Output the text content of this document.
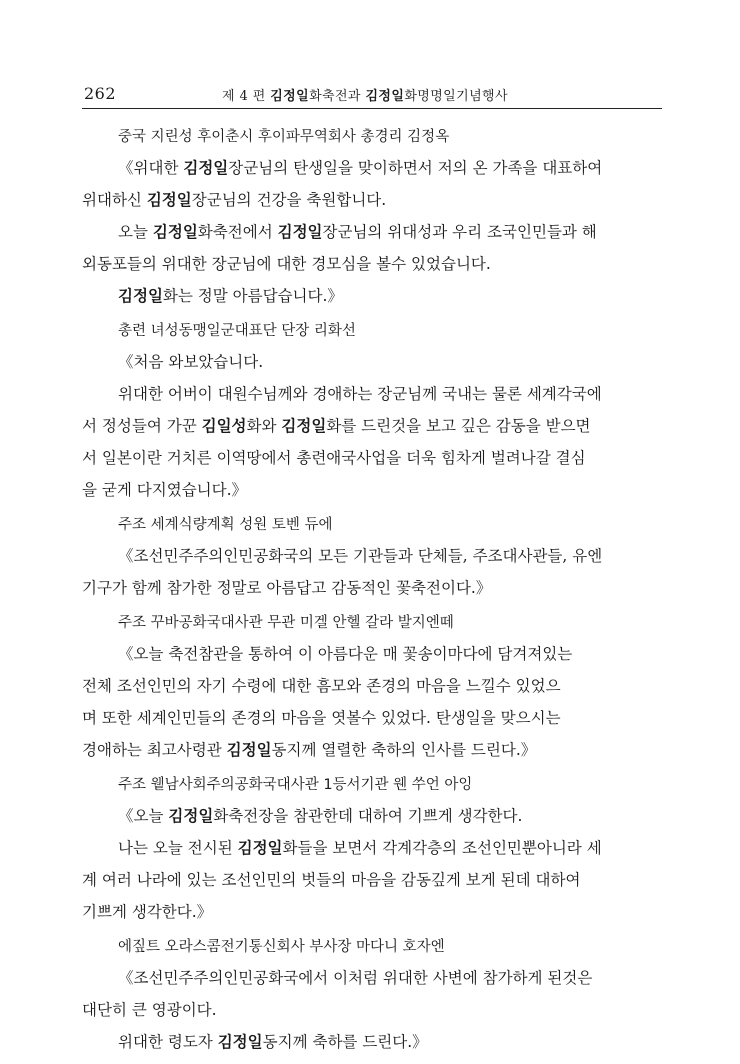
262	제 4 편 김정일화축전과 김정일화명명일기념행사

중국 지린성 후이춘시 후이파무역회사 총경리 김정옥

《위대한 김정일장군님의 탄생일을 맞이하면서 저의 온 가족을 대표하여

위대하신 김정일장군님의 건강을 축원합니다.

오늘 김정일화축전에서 김정일장군님의 위대성과 우리 조국인민들과 해

외동포들의 위대한 장군님에 대한 경모심을 볼수 있었습니다.

김정일화는 정말 아름답습니다.》

총련 녀성동맹일군대표단 단장 리화선

《처음 와보았습니다.

위대한 어버이 대원수님께와 경애하는 장군님께 국내는 물론 세계각국에

서 정성들여 가꾼 김일성화와 김정일화를 드린것을 보고 깊은 감동을 받으면

서 일본이란 거치른 이역땅에서 총련애국사업을 더욱 힘차게 벌려나갈 결심

을 굳게 다지였습니다.》

주조 세계식량계획 성원 토벤 듀에

《조선민주주의인민공화국의 모든 기관들과 단체들, 주조대사관들, 유엔

기구가 함께 참가한 정말로 아름답고 감동적인 꽃축전이다.》

주조 꾸바공화국대사관 무관 미겔 안헬 갈라 발지엔떼

《오늘 축전참관을 통하여 이 아름다운 매 꽃송이마다에 담겨져있는

전체 조선인민의 자기 수령에 대한 흠모와 존경의 마음을 느낄수 있었으

며 또한 세계인민들의 존경의 마음을 엿볼수 있었다. 탄생일을 맞으시는

경애하는 최고사령관 김정일동지께 열렬한 축하의 인사를 드린다.》

주조 윁남사회주의공화국대사관 1등서기관 웬 쑤언 아잉

《오늘 김정일화축전장을 참관한데 대하여 기쁘게 생각한다.

나는 오늘 전시된 김정일화들을 보면서 각계각층의 조선인민뿐아니라 세

계 여러 나라에 있는 조선인민의 벗들의 마음을 감동깊게 보게 된데 대하여

기쁘게 생각한다.》

에짚트 오라스콤전기통신회사 부사장 마다니 호자엔

《조선민주주의인민공화국에서 이처럼 위대한 사변에 참가하게 된것은

대단히 큰 영광이다.

위대한 령도자 김정일동지께 축하를 드린다.》
